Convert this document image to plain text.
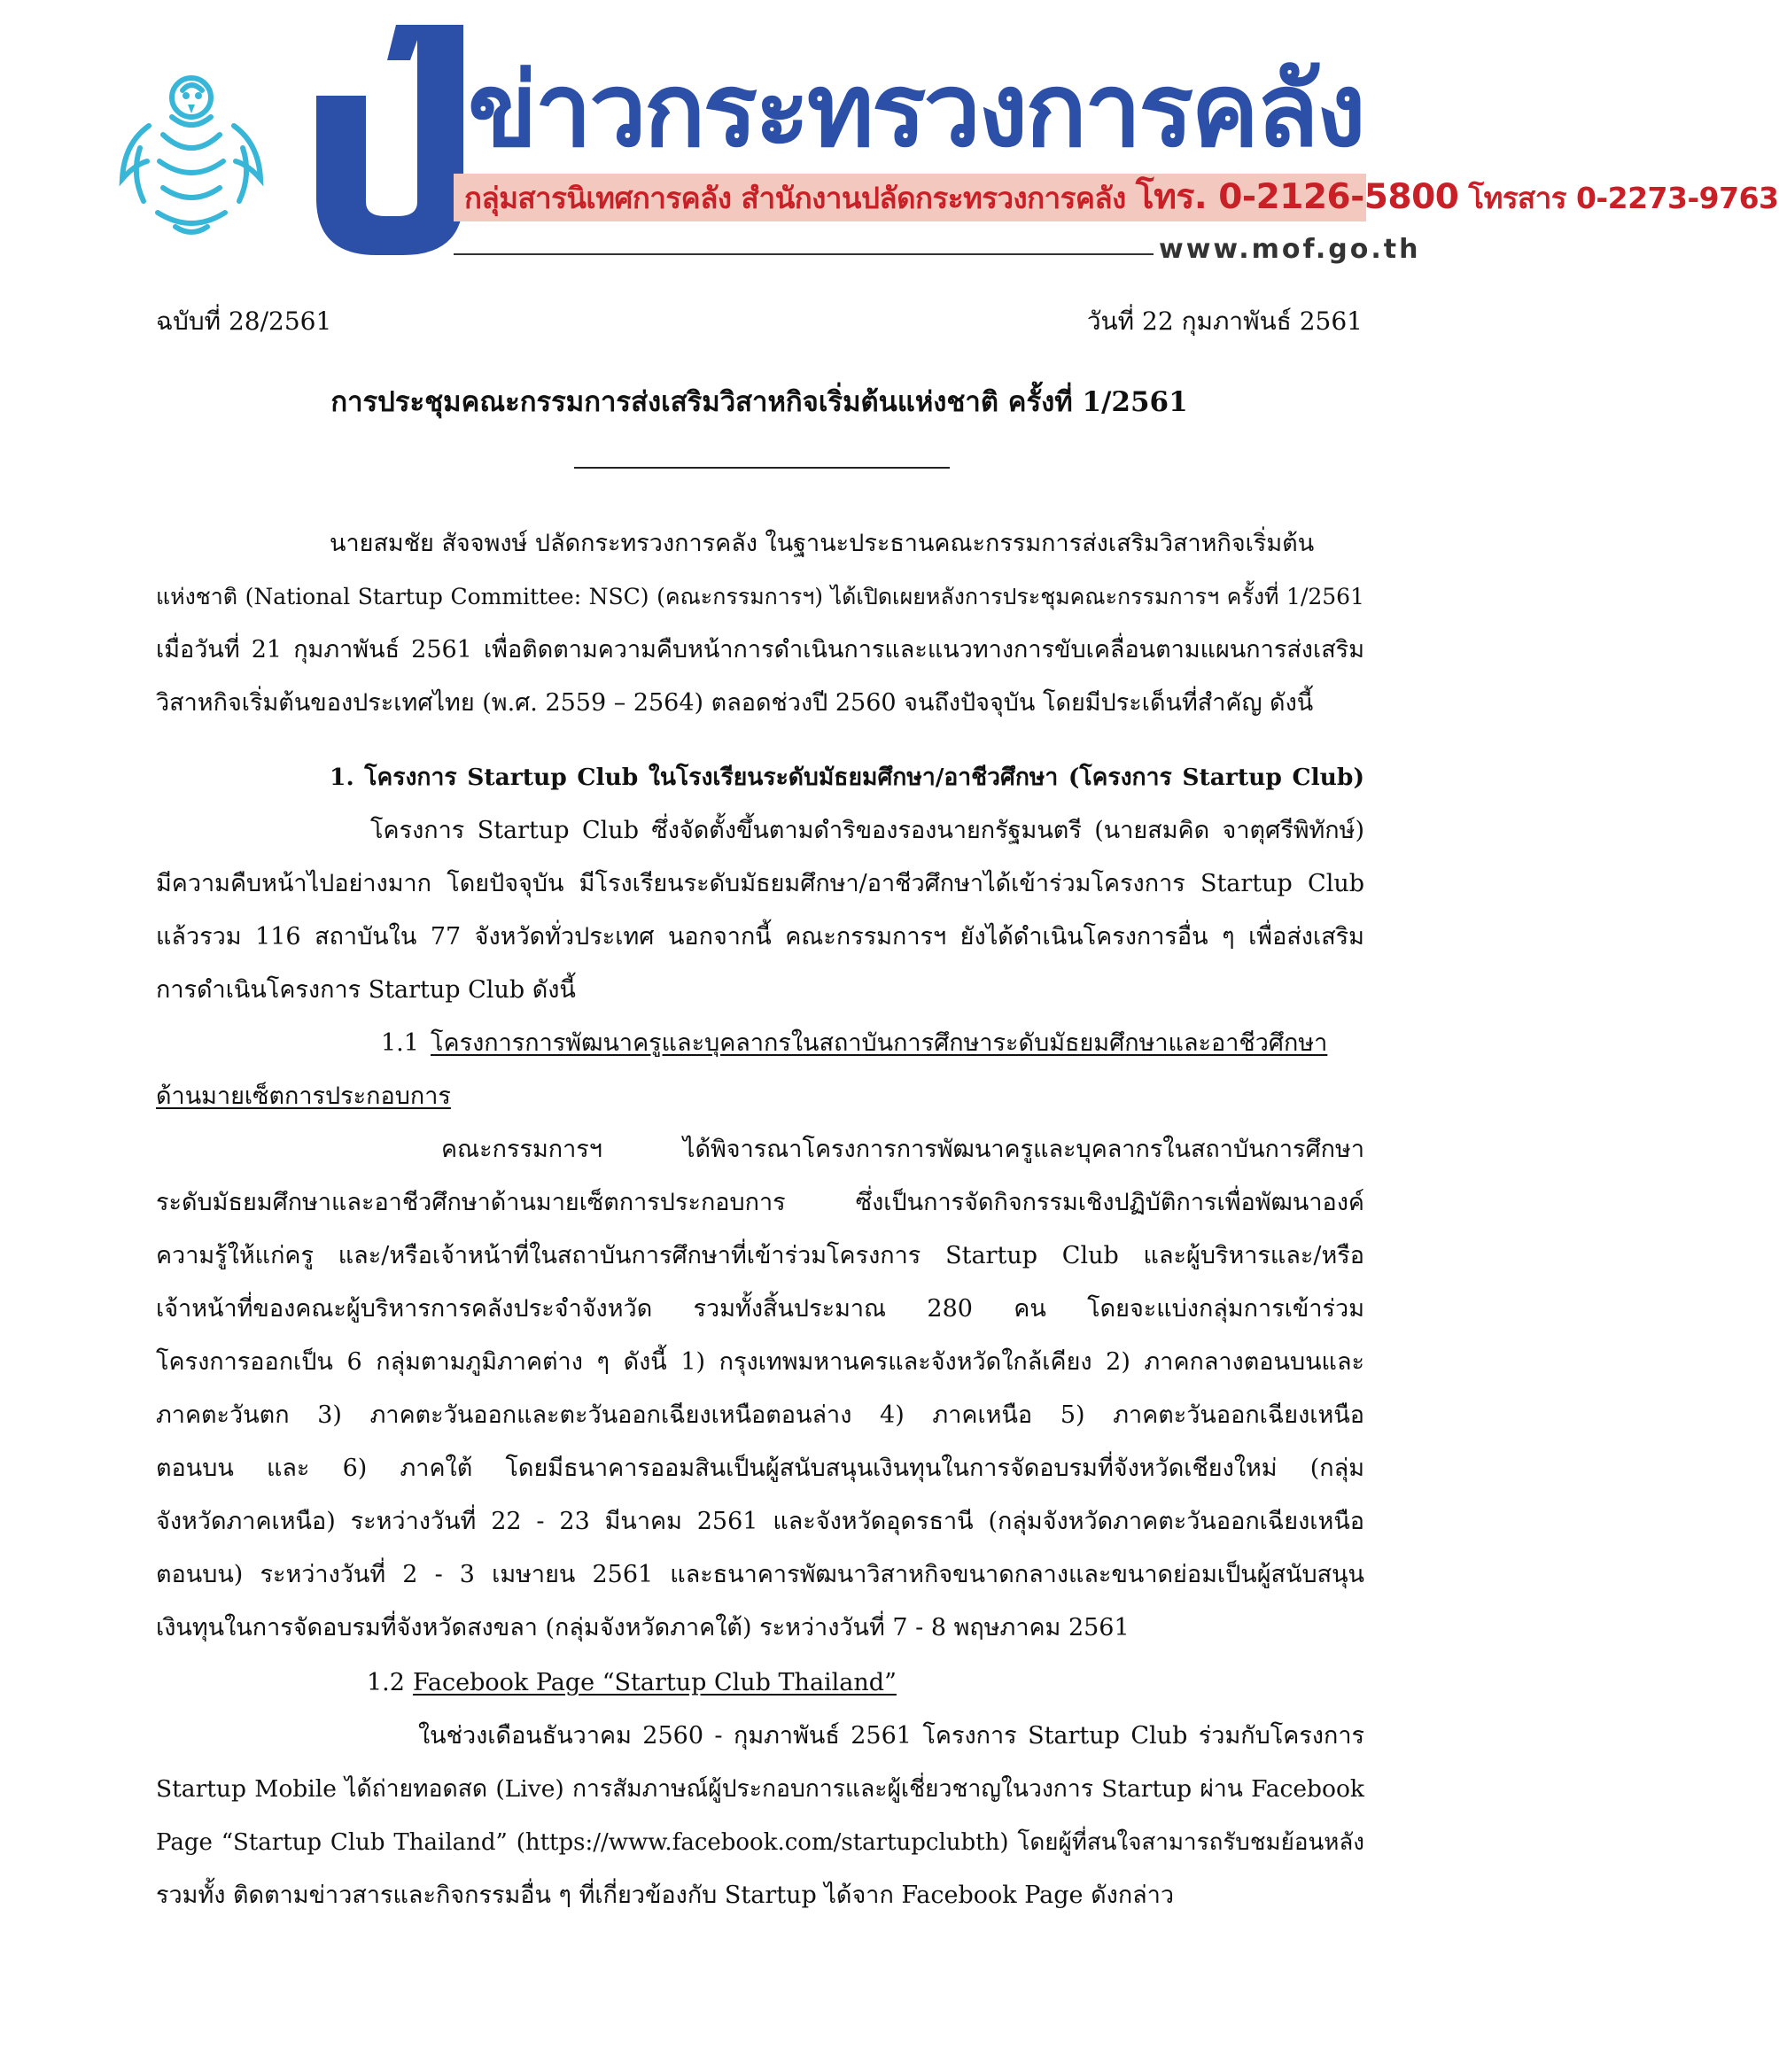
ข่าวกระทรวงการคลัง
กลุ่มสารนิเทศการคลัง สำนักงานปลัดกระทรวงการคลัง โทร. 0-2126-5800 โทรสาร 0-2273-9763
www.mof.go.th
ฉบับที่ 28/2561	วันที่ 22 กุมภาพันธ์ 2561
การประชุมคณะกรรมการส่งเสริมวิสาหกิจเริ่มต้นแห่งชาติ ครั้งที่ 1/2561
นายสมชัย สัจจพงษ์ ปลัดกระทรวงการคลัง ในฐานะประธานคณะกรรมการส่งเสริมวิสาหกิจเริ่มต้น
แห่งชาติ (National Startup Committee: NSC) (คณะกรรมการฯ) ได้เปิดเผยหลังการประชุมคณะกรรมการฯ ครั้งที่ 1/2561
เมื่อวันที่ 21 กุมภาพันธ์ 2561 เพื่อติดตามความคืบหน้าการดำเนินการและแนวทางการขับเคลื่อนตามแผนการส่งเสริม
วิสาหกิจเริ่มต้นของประเทศไทย (พ.ศ. 2559 – 2564) ตลอดช่วงปี 2560 จนถึงปัจจุบัน โดยมีประเด็นที่สำคัญ ดังนี้
1. โครงการ Startup Club ในโรงเรียนระดับมัธยมศึกษา/อาชีวศึกษา (โครงการ Startup Club)
โครงการ Startup Club ซึ่งจัดตั้งขึ้นตามดำริของรองนายกรัฐมนตรี (นายสมคิด จาตุศรีพิทักษ์)
มีความคืบหน้าไปอย่างมาก โดยปัจจุบัน มีโรงเรียนระดับมัธยมศึกษา/อาชีวศึกษาได้เข้าร่วมโครงการ Startup Club
แล้วรวม 116 สถาบันใน 77 จังหวัดทั่วประเทศ นอกจากนี้ คณะกรรมการฯ ยังได้ดำเนินโครงการอื่น ๆ เพื่อส่งเสริม
การดำเนินโครงการ Startup Club ดังนี้
1.1 โครงการการพัฒนาครูและบุคลากรในสถาบันการศึกษาระดับมัธยมศึกษาและอาชีวศึกษา
ด้านมายเซ็ตการประกอบการ
คณะกรรมการฯ ได้พิจารณาโครงการการพัฒนาครูและบุคลากรในสถาบันการศึกษา
ระดับมัธยมศึกษาและอาชีวศึกษาด้านมายเซ็ตการประกอบการ ซึ่งเป็นการจัดกิจกรรมเชิงปฏิบัติการเพื่อพัฒนาองค์
ความรู้ให้แก่ครู และ/หรือเจ้าหน้าที่ในสถาบันการศึกษาที่เข้าร่วมโครงการ Startup Club และผู้บริหารและ/หรือ
เจ้าหน้าที่ของคณะผู้บริหารการคลังประจำจังหวัด รวมทั้งสิ้นประมาณ 280 คน โดยจะแบ่งกลุ่มการเข้าร่วม
โครงการออกเป็น 6 กลุ่มตามภูมิภาคต่าง ๆ ดังนี้ 1) กรุงเทพมหานครและจังหวัดใกล้เคียง 2) ภาคกลางตอนบนและ
ภาคตะวันตก 3) ภาคตะวันออกและตะวันออกเฉียงเหนือตอนล่าง 4) ภาคเหนือ 5) ภาคตะวันออกเฉียงเหนือ
ตอนบน และ 6) ภาคใต้ โดยมีธนาคารออมสินเป็นผู้สนับสนุนเงินทุนในการจัดอบรมที่จังหวัดเชียงใหม่ (กลุ่ม
จังหวัดภาคเหนือ) ระหว่างวันที่ 22 - 23 มีนาคม 2561 และจังหวัดอุดรธานี (กลุ่มจังหวัดภาคตะวันออกเฉียงเหนือ
ตอนบน) ระหว่างวันที่ 2 - 3 เมษายน 2561 และธนาคารพัฒนาวิสาหกิจขนาดกลางและขนาดย่อมเป็นผู้สนับสนุน
เงินทุนในการจัดอบรมที่จังหวัดสงขลา (กลุ่มจังหวัดภาคใต้) ระหว่างวันที่ 7 - 8 พฤษภาคม 2561
1.2 Facebook Page “Startup Club Thailand”
ในช่วงเดือนธันวาคม 2560 - กุมภาพันธ์ 2561 โครงการ Startup Club ร่วมกับโครงการ
Startup Mobile ได้ถ่ายทอดสด (Live) การสัมภาษณ์ผู้ประกอบการและผู้เชี่ยวชาญในวงการ Startup ผ่าน Facebook
Page “Startup Club Thailand” (https://www.facebook.com/startupclubth) โดยผู้ที่สนใจสามารถรับชมย้อนหลัง
รวมทั้ง ติดตามข่าวสารและกิจกรรมอื่น ๆ ที่เกี่ยวข้องกับ Startup ได้จาก Facebook Page ดังกล่าว
